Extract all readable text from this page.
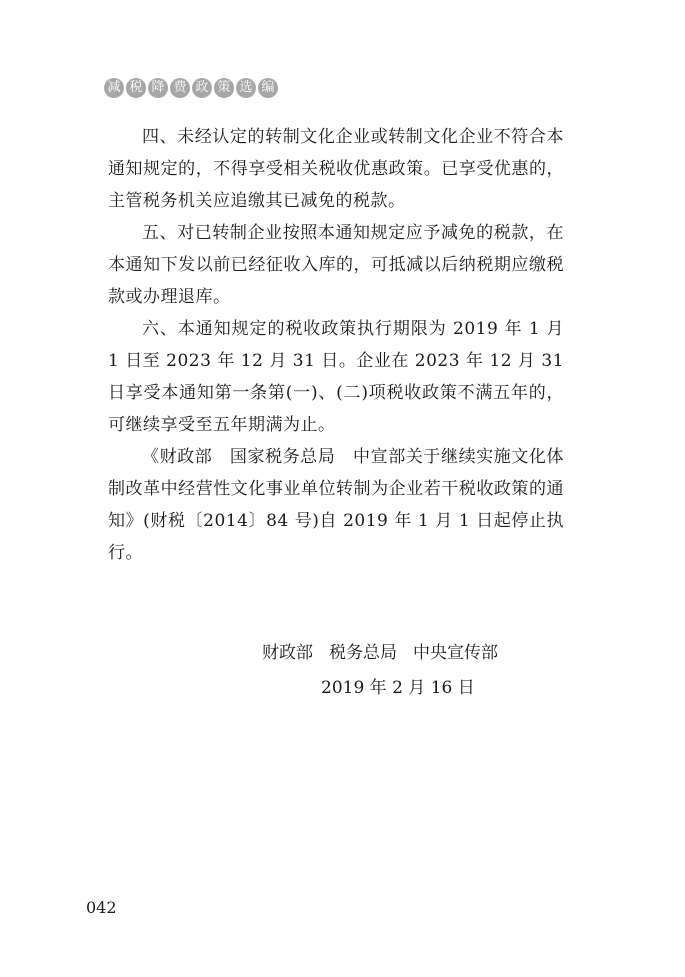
减 税 降 费 政 策 选 编

四、未经认定的转制文化企业或转制文化企业不符合本通知规定的，不得享受相关税收优惠政策。已享受优惠的，主管税务机关应追缴其已减免的税款。

五、对已转制企业按照本通知规定应予减免的税款，在本通知下发以前已经征收入库的，可抵减以后纳税期应缴税款或办理退库。

六、本通知规定的税收政策执行期限为 2019 年 1 月 1 日至 2023 年 12 月 31 日。企业在 2023 年 12 月 31 日享受本通知第一条第(一)、(二)项税收政策不满五年的，可继续享受至五年期满为止。

《财政部　国家税务总局　中宣部关于继续实施文化体制改革中经营性文化事业单位转制为企业若干税收政策的通知》(财税〔2014〕84 号)自 2019 年 1 月 1 日起停止执行。

财政部 税务总局 中央宣传部
2019 年 2 月 16 日
042
